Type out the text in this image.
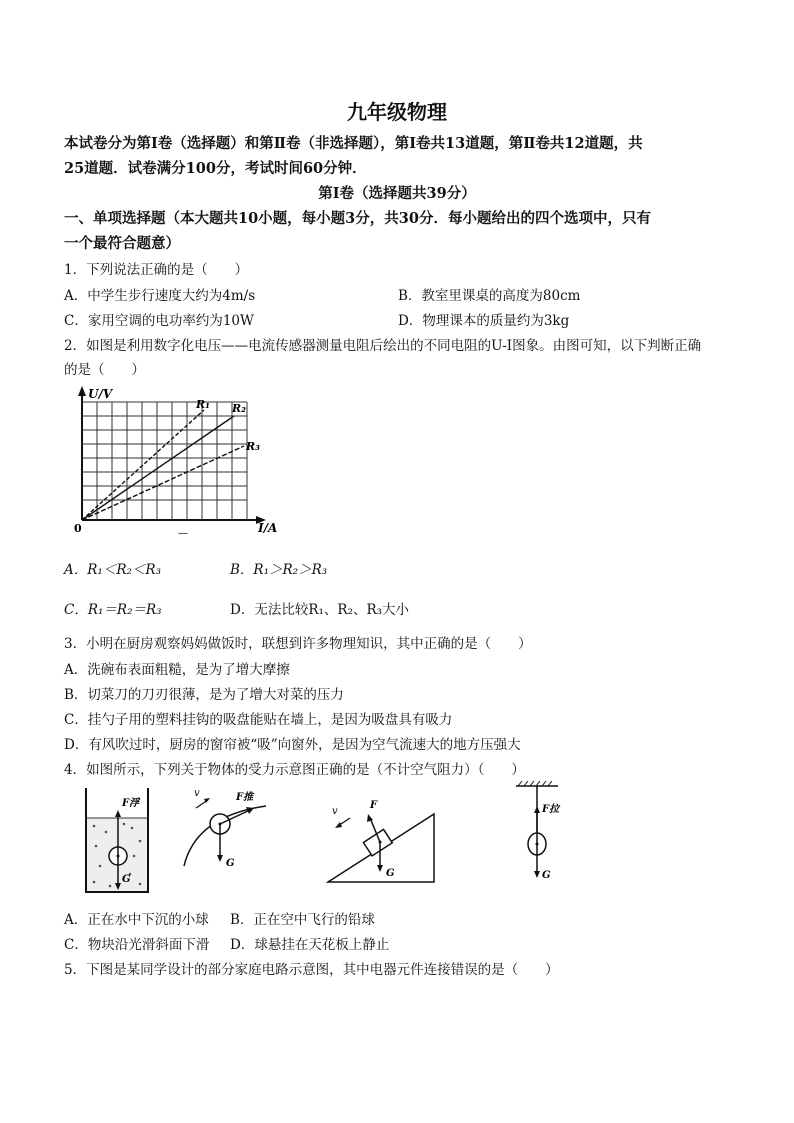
九年级物理
本试卷分为第Ⅰ卷（选择题）和第Ⅱ卷（非选择题），第Ⅰ卷共13道题，第Ⅱ卷共12道题，共
25道题．试卷满分100分，考试时间60分钟．
第Ⅰ卷（选择题共39分）
一、单项选择题（本大题共10小题，每小题3分，共30分．每小题给出的四个选项中，只有
一个最符合题意）
1．下列说法正确的是（　　）
A．中学生步行速度大约为4m/s	B．教室里课桌的高度为80cm
C．家用空调的电功率约为10W	D．物理课本的质量约为3kg
2．如图是利用数字化电压——电流传感器测量电阻后绘出的不同电阻的U-I图象。由图可知，以下判断正确
的是（　　）
U/V
0	I/A
R₁ R₂
R₃
—
A．R₁＜R₂＜R₃	B．R₁＞R₂＞R₃
C．R₁＝R₂＝R₃	D．无法比较R₁、R₂、R₃大小
3．小明在厨房观察妈妈做饭时，联想到许多物理知识，其中正确的是（　　）
A．洗碗布表面粗糙，是为了增大摩擦
B．切菜刀的刀刃很薄，是为了增大对菜的压力
C．挂勺子用的塑料挂钩的吸盘能贴在墙上，是因为吸盘具有吸力
D．有风吹过时，厨房的窗帘被“吸”向窗外，是因为空气流速大的地方压强大
4．如图所示，下列关于物体的受力示意图正确的是（不计空气阻力）（　　）
F浮
G
v	F推
G
v
F
G
F拉
G
A．正在水中下沉的小球 B．正在空中飞行的铅球
C．物块沿光滑斜面下滑 D．球悬挂在天花板上静止
5．下图是某同学设计的部分家庭电路示意图，其中电器元件连接错误的是（　　）
